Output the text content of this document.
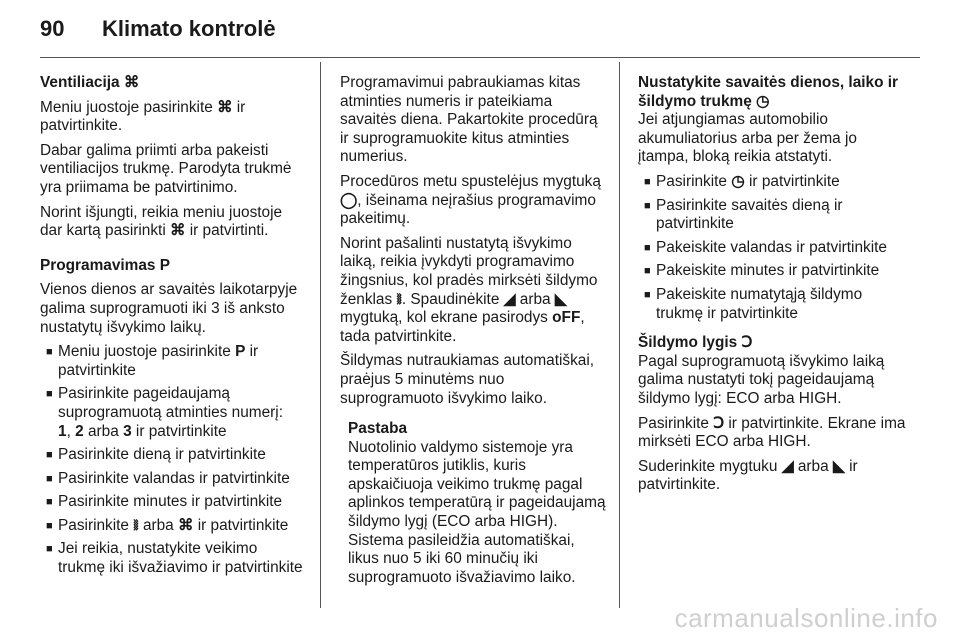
90	Klimato kontrolė

Ventiliacija ⌘

Meniu juostoje pasirinkite ⌘ ir patvirtinkite.

Dabar galima priimti arba pakeisti ventiliacijos trukmę. Parodyta trukmė yra priimama be patvirtinimo.

Norint išjungti, reikia meniu juostoje dar kartą pasirinkti ⌘ ir patvirtinti.

Programavimas P

Vienos dienos ar savaitės laikotarpyje galima suprogramuoti iki 3 iš anksto nustatytų išvykimo laikų.

■ Meniu juostoje pasirinkite P ir patvirtinkite
■ Pasirinkite pageidaujamą suprogramuotą atminties numerį:
1, 2 arba 3 ir patvirtinkite
■ Pasirinkite dieną ir patvirtinkite
■ Pasirinkite valandas ir patvirtinkite
■ Pasirinkite minutes ir patvirtinkite
■ Pasirinkite ⧚ arba ⌘ ir patvirtinkite
■ Jei reikia, nustatykite veikimo trukmę iki išvažiavimo ir patvirtinkite

Programavimui pabraukiamas kitas atminties numeris ir pateikiama savaitės diena. Pakartokite procedūrą ir suprogramuokite kitus atminties numerius.

Procedūros metu spustelėjus mygtuką ◯, išeinama neįrašius programavimo pakeitimų.

Norint pašalinti nustatytą išvykimo laiką, reikia įvykdyti programavimo žingsnius, kol pradės mirksėti šildymo ženklas ⧚. Spaudinėkite ◢ arba ◣ mygtuką, kol ekrane pasirodys oFF, tada patvirtinkite.

Šildymas nutraukiamas automatiškai, praėjus 5 minutėms nuo suprogramuoto išvykimo laiko.

Pastaba

Nuotolinio valdymo sistemoje yra temperatūros jutiklis, kuris apskaičiuoja veikimo trukmę pagal aplinkos temperatūrą ir pageidaujamą šildymo lygį (ECO arba HIGH). Sistema pasileidžia automatiškai, likus nuo 5 iki 60 minučių iki suprogramuoto išvažiavimo laiko.

Nustatykite savaitės dienos, laiko ir šildymo trukmę ◷

Jei atjungiamas automobilio akumuliatorius arba per žema jo įtampa, bloką reikia atstatyti.

■ Pasirinkite ◷ ir patvirtinkite
■ Pasirinkite savaitės dieną ir patvirtinkite
■ Pakeiskite valandas ir patvirtinkite
■ Pakeiskite minutes ir patvirtinkite
■ Pakeiskite numatytąją šildymo trukmę ir patvirtinkite

Šildymo lygis Ↄ

Pagal suprogramuotą išvykimo laiką galima nustatyti tokį pageidaujamą šildymo lygį: ECO arba HIGH.

Pasirinkite Ↄ ir patvirtinkite. Ekrane ima mirksėti ECO arba HIGH.

Suderinkite mygtuku ◢ arba ◣ ir patvirtinkite.

carmanualsonline.info
